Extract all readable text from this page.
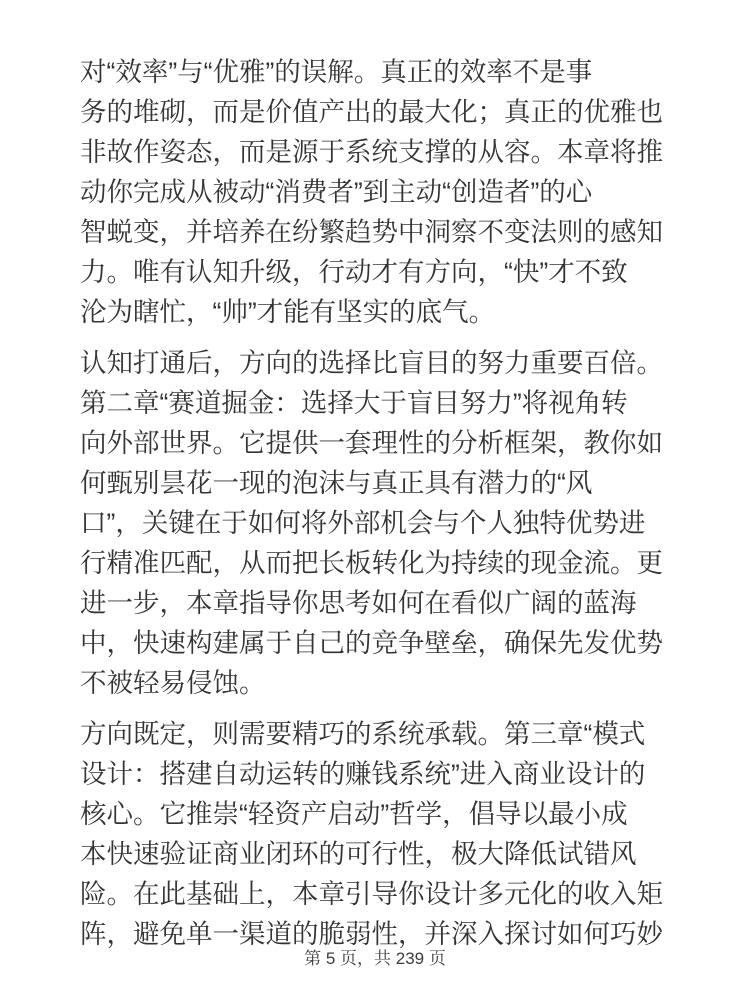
对“效率”与“优雅”的误解。真正的效率不是事
务的堆砌，而是价值产出的最大化；真正的优雅也
非故作姿态，而是源于系统支撑的从容。本章将推
动你完成从被动“消费者”到主动“创造者”的心
智蜕变，并培养在纷繁趋势中洞察不变法则的感知
力。唯有认知升级，行动才有方向，“快”才不致
沦为瞎忙，“帅”才能有坚实的底气。
认知打通后，方向的选择比盲目的努力重要百倍。
第二章“赛道掘金：选择大于盲目努力”将视角转
向外部世界。它提供一套理性的分析框架，教你如
何甄别昙花一现的泡沫与真正具有潜力的“风
口”，关键在于如何将外部机会与个人独特优势进
行精准匹配，从而把长板转化为持续的现金流。更
进一步，本章指导你思考如何在看似广阔的蓝海
中，快速构建属于自己的竞争壁垒，确保先发优势
不被轻易侵蚀。
方向既定，则需要精巧的系统承载。第三章“模式
设计：搭建自动运转的赚钱系统”进入商业设计的
核心。它推崇“轻资产启动”哲学，倡导以最小成
本快速验证商业闭环的可行性，极大降低试错风
险。在此基础上，本章引导你设计多元化的收入矩
阵，避免单一渠道的脆弱性，并深入探讨如何巧妙
第 5 页，共 239 页
